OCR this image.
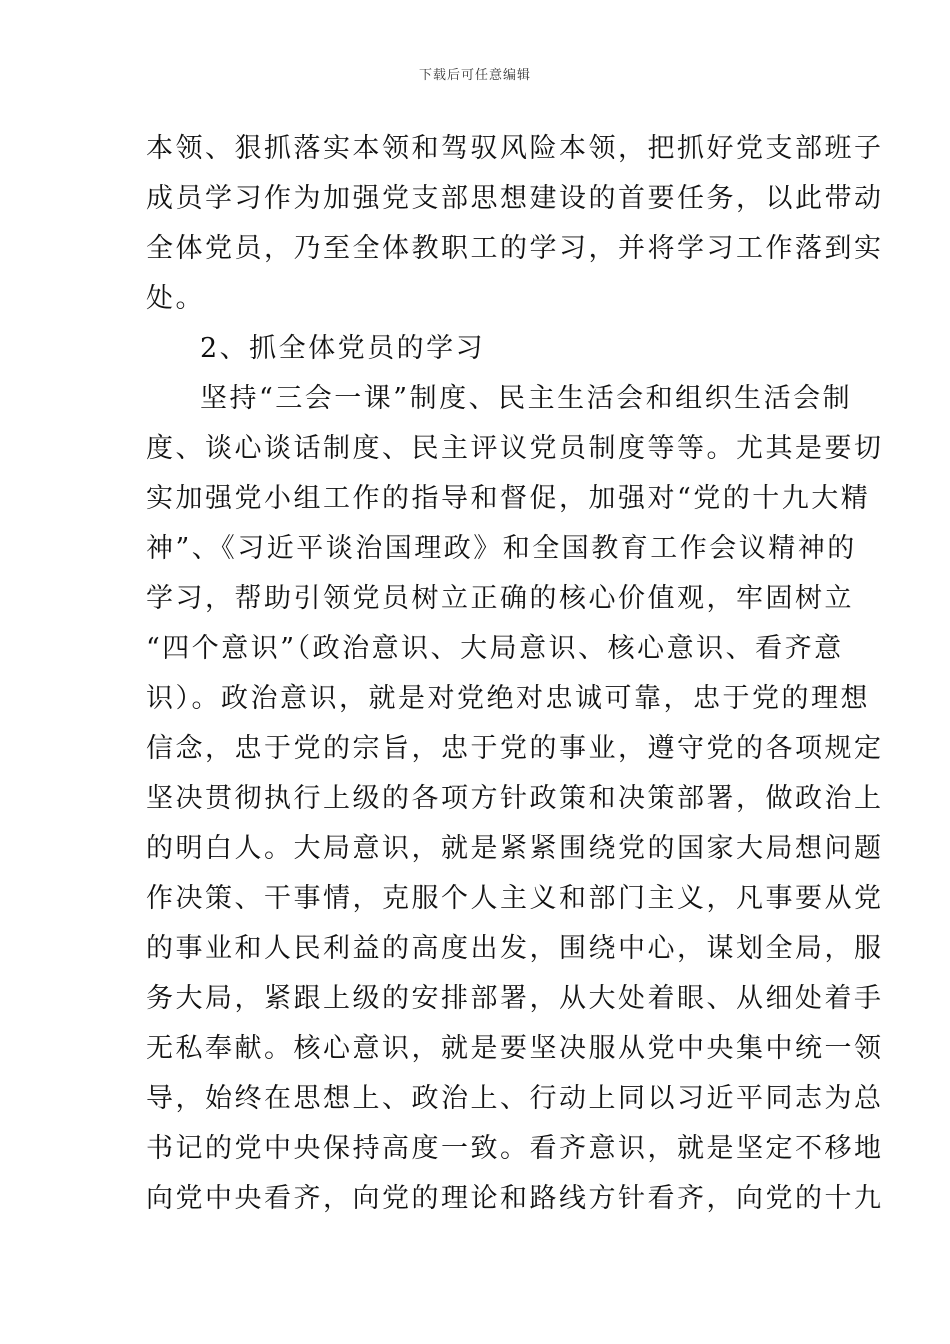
下载后可任意编辑
本领、狠抓落实本领和驾驭风险本领，把抓好党支部班子
成员学习作为加强党支部思想建设的首要任务，以此带动
全体党员，乃至全体教职工的学习，并将学习工作落到实
处。
2、抓全体党员的学习
坚持“三会一课”制度、民主生活会和组织生活会制
度、谈心谈话制度、民主评议党员制度等等。尤其是要切
实加强党小组工作的指导和督促，加强对“党的十九大精
神”、《习近平谈治国理政》和全国教育工作会议精神的
学习，帮助引领党员树立正确的核心价值观，牢固树立
“四个意识”（政治意识、大局意识、核心意识、看齐意
识）。政治意识，就是对党绝对忠诚可靠，忠于党的理想
信念，忠于党的宗旨，忠于党的事业，遵守党的各项规定
坚决贯彻执行上级的各项方针政策和决策部署，做政治上
的明白人。大局意识，就是紧紧围绕党的国家大局想问题
作决策、干事情，克服个人主义和部门主义，凡事要从党
的事业和人民利益的高度出发，围绕中心，谋划全局，服
务大局，紧跟上级的安排部署，从大处着眼、从细处着手
无私奉献。核心意识，就是要坚决服从党中央集中统一领
导，始终在思想上、政治上、行动上同以习近平同志为总
书记的党中央保持高度一致。看齐意识，就是坚定不移地
向党中央看齐，向党的理论和路线方针看齐，向党的十九
